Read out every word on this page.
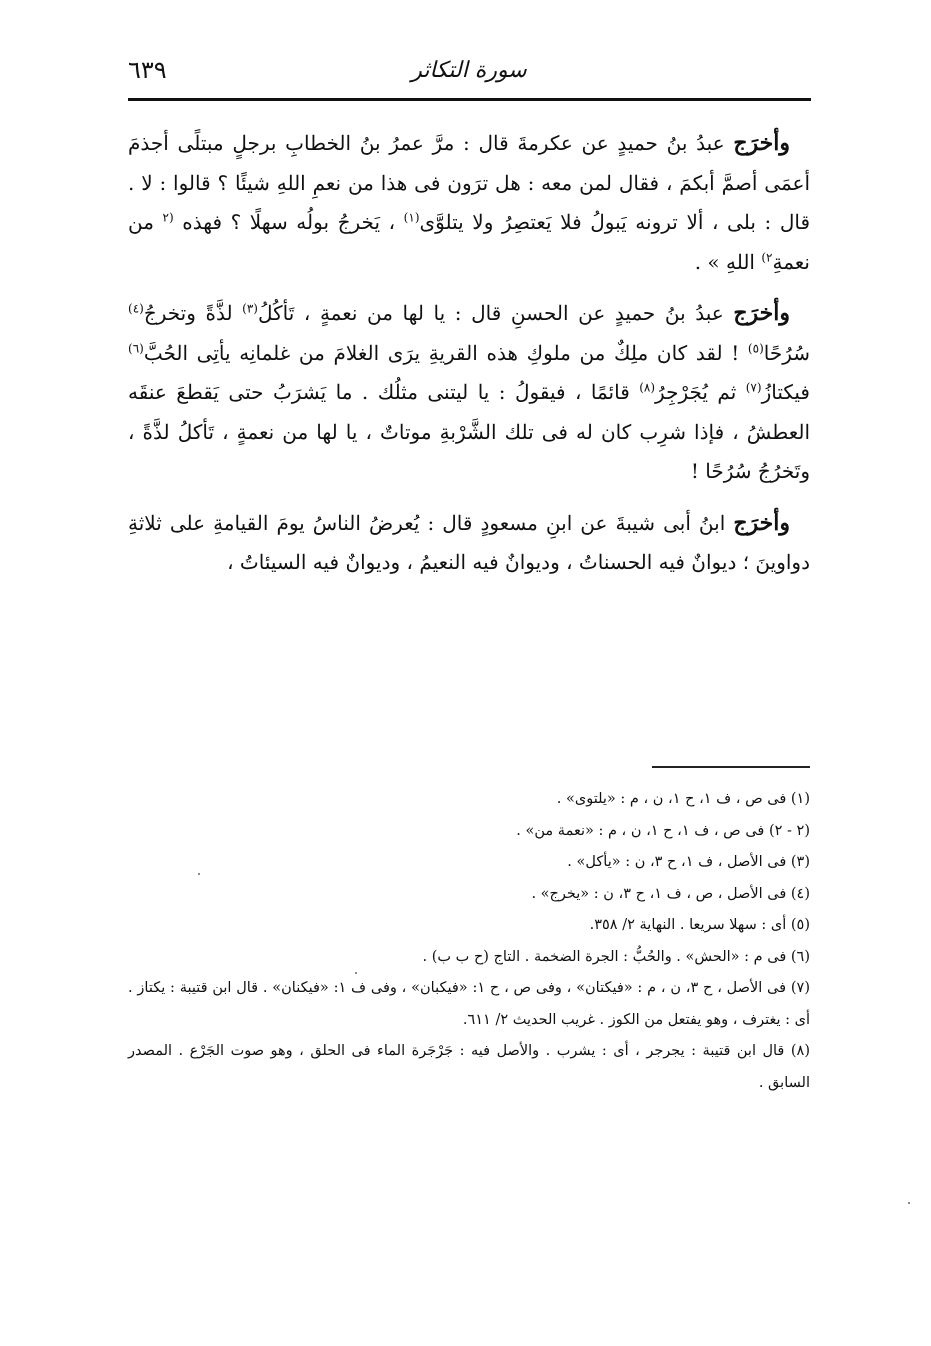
٦٣٩	سورة التكاثر

وأخرَج عبدُ بنُ حميدٍ عن عكرمةَ قال : مرَّ عمرُ بنُ الخطابِ برجلٍ مبتلًى أجذمَ أعمَى أصمَّ أبكمَ ، فقال لمن معه : هل ترَون فى هذا من نعمِ اللهِ شيئًا ؟ قالوا : لا . قال : بلى ، ألا ترونه يَبولُ فلا يَعتصِرُ ولا يتلوَّى$^{(١)}$ ، يَخرجُ بولُه سهلًا ؟ فهذه $^{(٢}$ من نعمةِ$^{٢)}$ اللهِ » .

وأخرَج عبدُ بنُ حميدٍ عن الحسنِ قال : يا لها من نعمةٍ ، تَأكُلُ$^{(٣)}$ لذَّةً وتخرجُ$^{(٤)}$ سُرُحًا$^{(٥)}$ ! لقد كان ملِكٌ من ملوكِ هذه القريةِ يرَى الغلامَ من غلمانِه يأتِى الحُبَّ$^{(٦)}$ فيكتازُ$^{(٧)}$ ثم يُجَرْجِرُ$^{(٨)}$ قائمًا ، فيقولُ : يا ليتنى مثلُك . ما يَشرَبُ حتى يَقطعَ عنقَه العطشُ ، فإذا شرِب كان له فى تلك الشَّرْبةِ موتاتٌ ، يا لها من نعمةٍ ، تَأكلُ لذَّةً ، وتَخرُجُ سُرُحًا !

وأخرَج ابنُ أبى شيبةَ عن ابنِ مسعودٍ قال : يُعرضُ الناسُ يومَ القيامةِ على ثلاثةِ دواوينَ ؛ ديوانٌ فيه الحسناتُ ، وديوانٌ فيه النعيمُ ، وديوانٌ فيه السيئاتُ ،

(١) فى ص ، ف ١، ح ١، ن ، م : «يلتوى» .

(٢ - ٢) فى ص ، ف ١، ح ١، ن ، م : «نعمة من» .

(٣) فى الأصل ، ف ١، ح ٣، ن : «يأكل» .

(٤) فى الأصل ، ص ، ف ١، ح ٣، ن : «يخرج» .

(٥) أى : سهلا سريعا . النهاية ٢/ ٣٥٨.

(٦) فى م : «الحش» . والحُبُّ : الجرة الضخمة . التاج (ح ب ب) .

(٧) فى الأصل ، ح ٣، ن ، م : «فيكتان» ، وفى ص ، ح ١: «فيكبان» ، وفى ف ١: «فيكنان» . قال ابن قتيبة : يكتاز . أى : يغترف ، وهو يفتعل من الكوز . غريب الحديث ٢/ ٦١١.

(٨) قال ابن قتيبة : يجرجر ، أى : يشرب . والأصل فيه : جَرْجَرة الماء فى الحلق ، وهو صوت الجَرْع . المصدر السابق .
